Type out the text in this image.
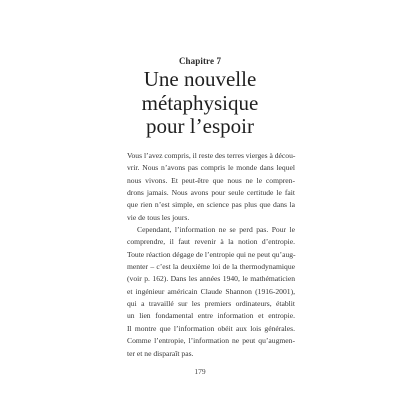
Chapitre 7
Une nouvelle
métaphysique
pour l’espoir

Vous l’avez compris, il reste des terres vierges à décou-
vrir. Nous n’avons pas compris le monde dans lequel
nous vivons. Et peut-être que nous ne le compren-
drons jamais. Nous avons pour seule certitude le fait
que rien n’est simple, en science pas plus que dans la
vie de tous les jours.

Cependant, l’information ne se perd pas. Pour le
comprendre, il faut revenir à la notion d’entropie.
Toute réaction dégage de l’entropie qui ne peut qu’aug-
menter – c’est la deuxième loi de la thermodynamique
(voir p. 162). Dans les années 1940, le mathématicien
et ingénieur américain Claude Shannon (1916-2001),
qui a travaillé sur les premiers ordinateurs, établit
un lien fondamental entre information et entropie.
Il montre que l’information obéit aux lois générales.
Comme l’entropie, l’information ne peut qu’augmen-
ter et ne disparaît pas.

179
